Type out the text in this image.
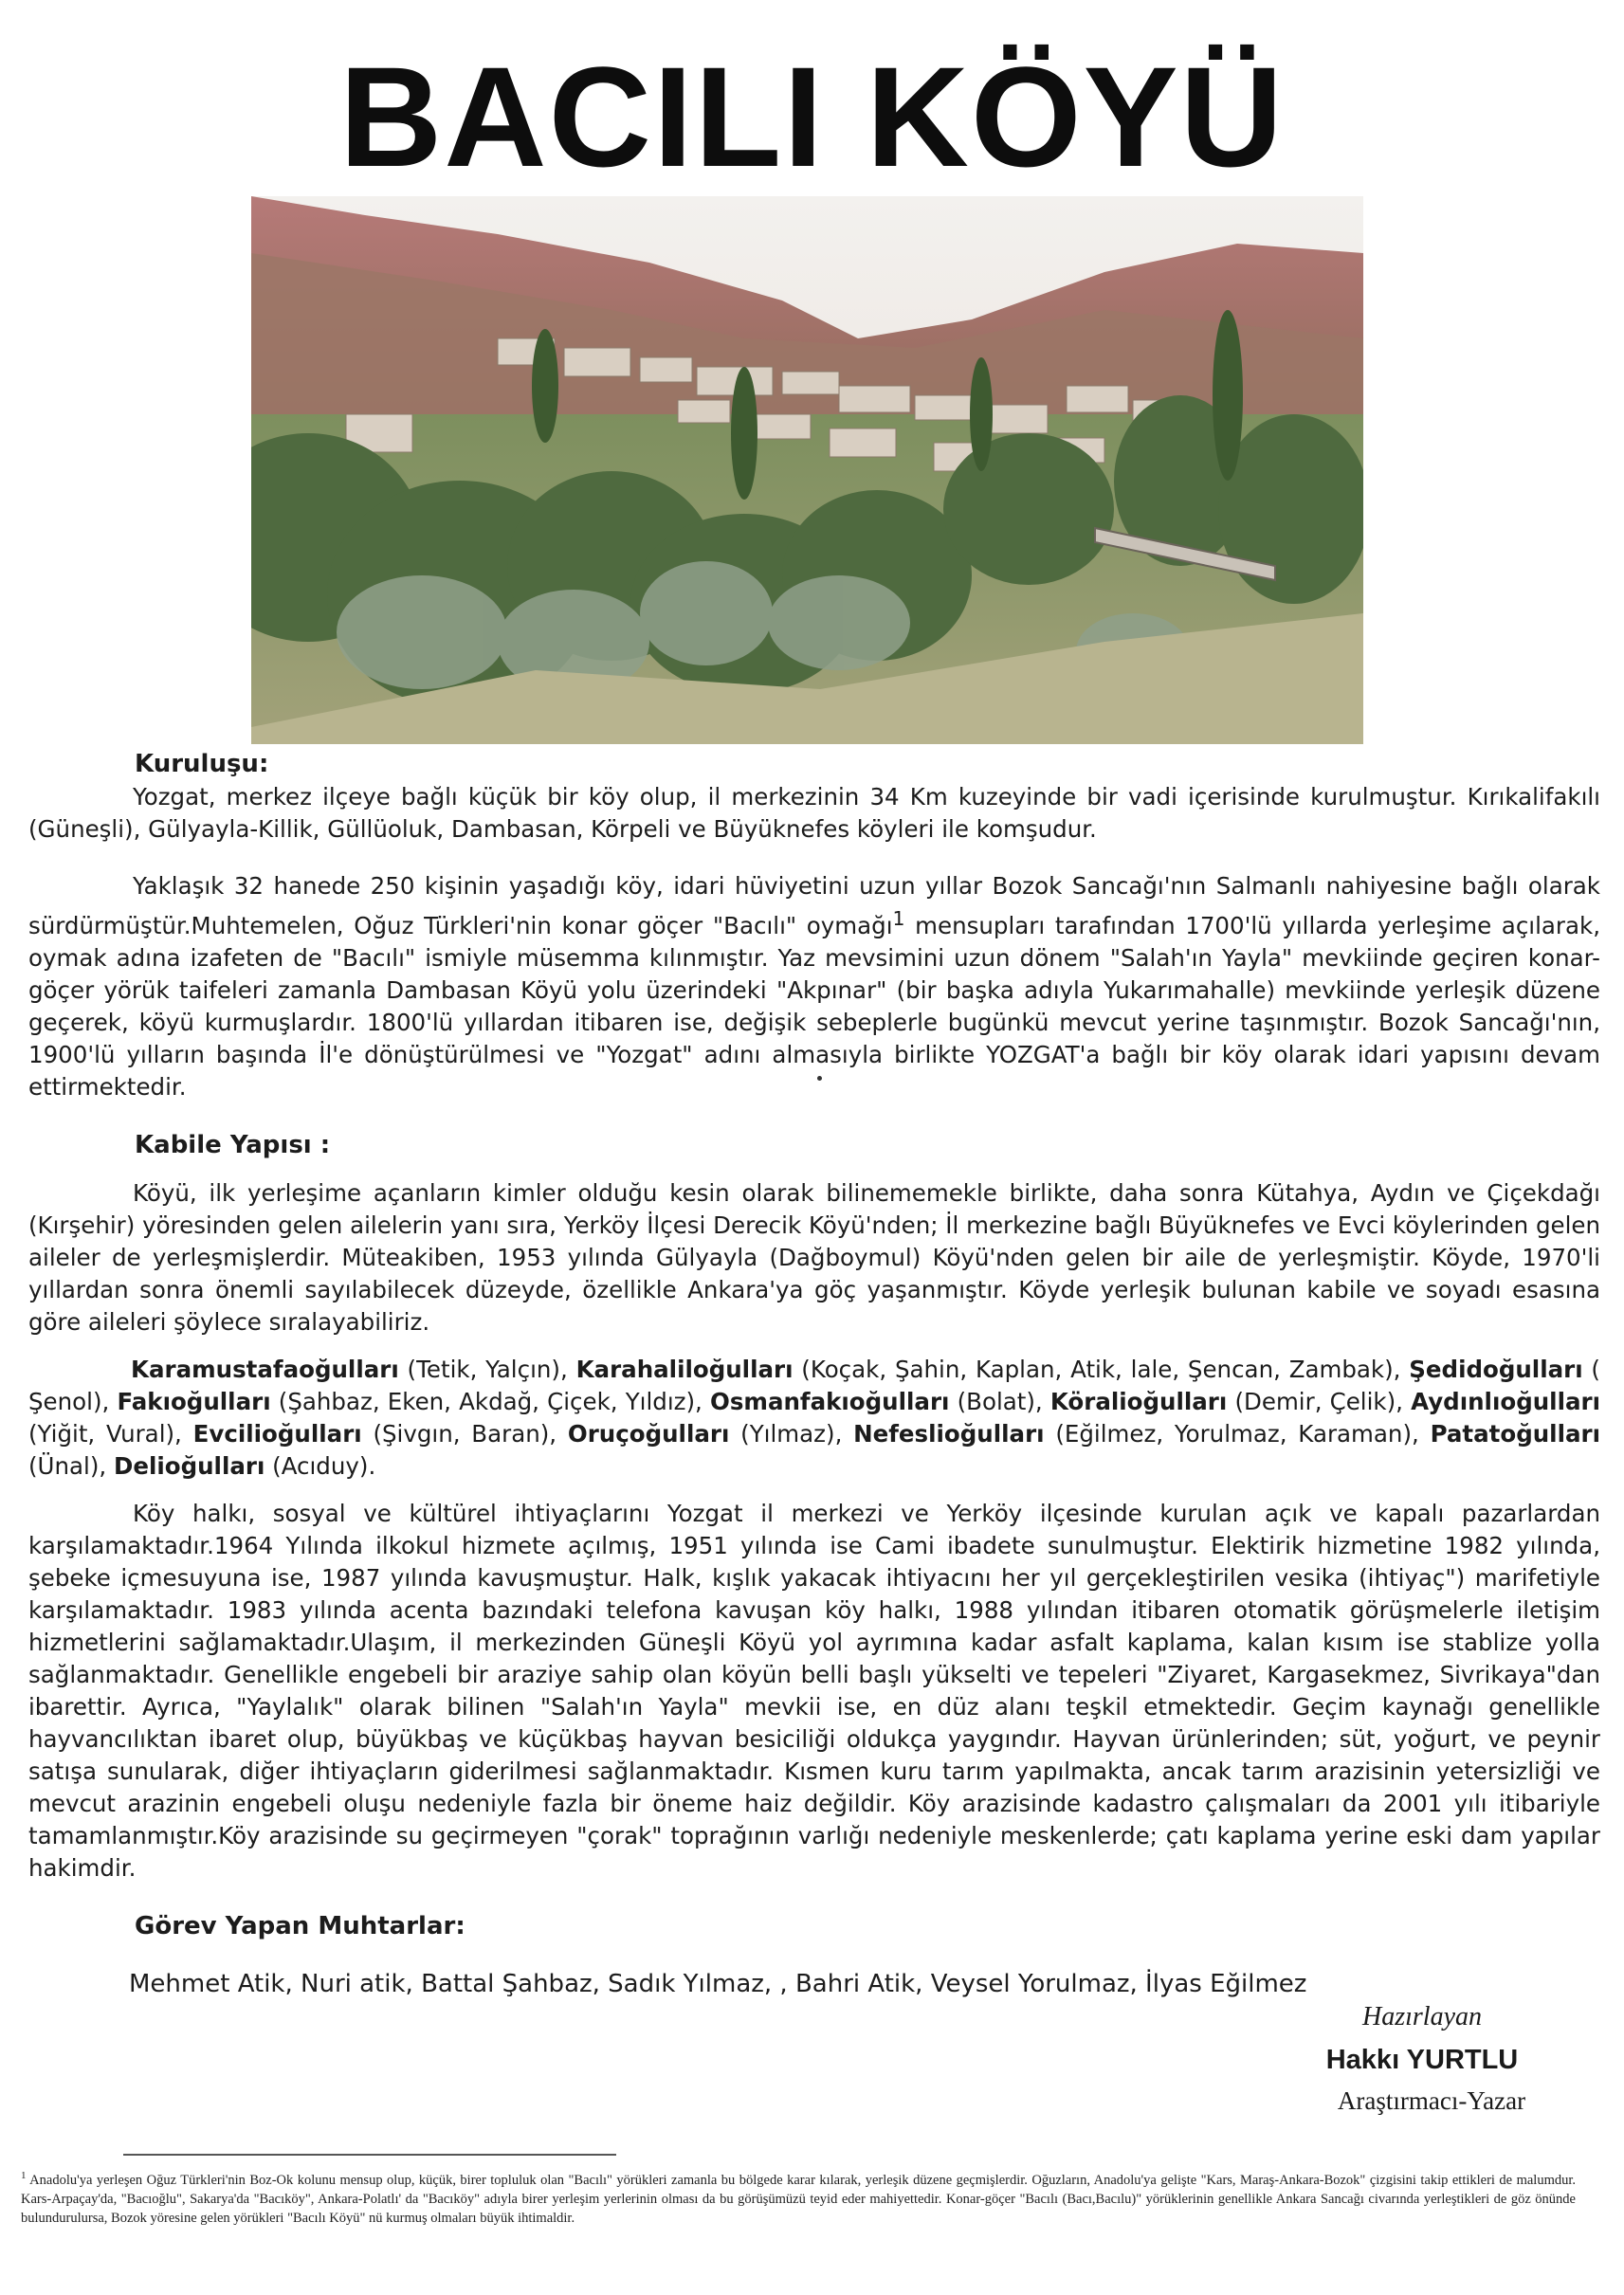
BACILI KÖYÜ
Kuruluşu:

Yozgat, merkez ilçeye bağlı küçük bir köy olup, il merkezinin 34 Km kuzeyinde bir vadi içerisinde kurulmuştur. Kırıkalifakılı (Güneşli), Gülyayla-Killik, Güllüoluk, Dambasan, Körpeli ve Büyüknefes köyleri ile komşudur.

Yaklaşık 32 hanede 250 kişinin yaşadığı köy, idari hüviyetini uzun yıllar Bozok Sancağı'nın Salmanlı nahiyesine bağlı olarak sürdürmüştür.Muhtemelen, Oğuz Türkleri'nin konar göçer "Bacılı" oymağı$^1$ mensupları tarafından 1700'lü yıllarda yerleşime açılarak, oymak adına izafeten de "Bacılı" ismiyle müsemma kılınmıştır. Yaz mevsimini uzun dönem "Salah'ın Yayla" mevkiinde geçiren konar-göçer yörük taifeleri zamanla Dambasan Köyü yolu üzerindeki "Akpınar" (bir başka adıyla Yukarımahalle) mevkiinde yerleşik düzene geçerek, köyü kurmuşlardır. 1800'lü yıllardan itibaren ise, değişik sebeplerle bugünkü mevcut yerine taşınmıştır. Bozok Sancağı'nın, 1900'lü yılların başında İl'e dönüştürülmesi ve "Yozgat" adını almasıyla birlikte YOZGAT'a bağlı bir köy olarak idari yapısını devam ettirmektedir.

Kabile Yapısı :

Köyü, ilk yerleşime açanların kimler olduğu kesin olarak bilinememekle birlikte, daha sonra Kütahya, Aydın ve Çiçekdağı (Kırşehir) yöresinden gelen ailelerin yanı sıra, Yerköy İlçesi Derecik Köyü'nden; İl merkezine bağlı Büyüknefes ve Evci köylerinden gelen aileler de yerleşmişlerdir. Müteakiben, 1953 yılında Gülyayla (Dağboymul) Köyü'nden gelen bir aile de yerleşmiştir. Köyde, 1970'li yıllardan sonra önemli sayılabilecek düzeyde, özellikle Ankara'ya göç yaşanmıştır. Köyde yerleşik bulunan kabile ve soyadı esasına göre aileleri şöylece sıralayabiliriz.

Karamustafaoğulları (Tetik, Yalçın), Karahaliloğulları (Koçak, Şahin, Kaplan, Atik, lale, Şencan, Zambak), Şedidoğulları ( Şenol), Fakıoğulları (Şahbaz, Eken, Akdağ, Çiçek, Yıldız), Osmanfakıoğulları (Bolat), Köralioğulları (Demir, Çelik), Aydınlıoğulları (Yiğit, Vural), Evcilioğulları (Şivgın, Baran), Oruçoğulları (Yılmaz), Nefeslioğulları (Eğilmez, Yorulmaz, Karaman), Patatoğulları (Ünal), Delioğulları (Acıduy).

Köy halkı, sosyal ve kültürel ihtiyaçlarını Yozgat il merkezi ve Yerköy ilçesinde kurulan açık ve kapalı pazarlardan karşılamaktadır.1964 Yılında ilkokul hizmete açılmış, 1951 yılında ise Cami ibadete sunulmuştur. Elektirik hizmetine 1982 yılında, şebeke içmesuyuna ise, 1987 yılında kavuşmuştur. Halk, kışlık yakacak ihtiyacını her yıl gerçekleştirilen vesika (ihtiyaç") marifetiyle karşılamaktadır. 1983 yılında acenta bazındaki telefona kavuşan köy halkı, 1988 yılından itibaren otomatik görüşmelerle iletişim hizmetlerini sağlamaktadır.Ulaşım, il merkezinden Güneşli Köyü yol ayrımına kadar asfalt kaplama, kalan kısım ise stablize yolla sağlanmaktadır. Genellikle engebeli bir araziye sahip olan köyün belli başlı yükselti ve tepeleri "Ziyaret, Kargasekmez, Sivrikaya"dan ibarettir. Ayrıca, "Yaylalık" olarak bilinen "Salah'ın Yayla" mevkii ise, en düz alanı teşkil etmektedir. Geçim kaynağı genellikle hayvancılıktan ibaret olup, büyükbaş ve küçükbaş hayvan besiciliği oldukça yaygındır. Hayvan ürünlerinden; süt, yoğurt, ve peynir satışa sunularak, diğer ihtiyaçların giderilmesi sağlanmaktadır. Kısmen kuru tarım yapılmakta, ancak tarım arazisinin yetersizliği ve mevcut arazinin engebeli oluşu nedeniyle fazla bir öneme haiz değildir. Köy arazisinde kadastro çalışmaları da 2001 yılı itibariyle tamamlanmıştır.Köy arazisinde su geçirmeyen "çorak" toprağının varlığı nedeniyle meskenlerde; çatı kaplama yerine eski dam yapılar hakimdir.

Görev Yapan Muhtarlar:
Mehmet Atik, Nuri atik, Battal Şahbaz, Sadık Yılmaz, , Bahri Atik, Veysel Yorulmaz, İlyas Eğilmez
Hazırlayan
Hakkı YURTLU
Araştırmacı-Yazar
$^1$ Anadolu'ya yerleşen Oğuz Türkleri'nin Boz-Ok kolunu mensup olup, küçük, birer topluluk olan "Bacılı" yörükleri zamanla bu bölgede karar kılarak, yerleşik düzene geçmişlerdir. Oğuzların, Anadolu'ya gelişte "Kars, Maraş-Ankara-Bozok" çizgisini takip ettikleri de malumdur. Kars-Arpaçay'da, "Bacıoğlu", Sakarya'da "Bacıköy", Ankara-Polatlı' da "Bacıköy" adıyla birer yerleşim yerlerinin olması da bu görüşümüzü teyid eder mahiyettedir. Konar-göçer "Bacılı (Bacı,Bacılu)" yörüklerinin genellikle Ankara Sancağı civarında yerleştikleri de göz önünde bulundurulursa, Bozok yöresine gelen yörükleri "Bacılı Köyü" nü kurmuş olmaları büyük ihtimaldir.
